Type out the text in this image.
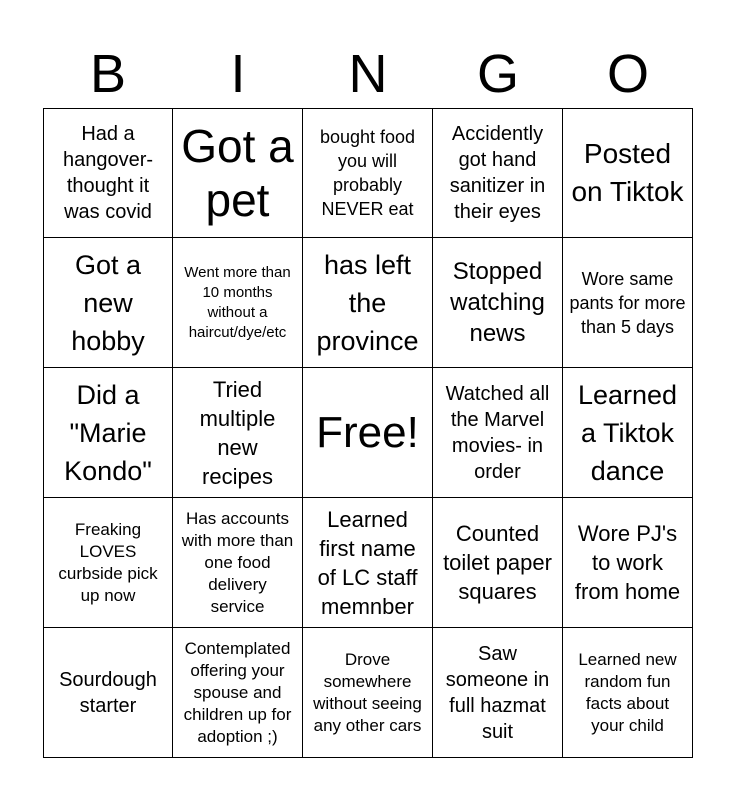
B	I	N	G	O
Had a hangover- thought it was covid
Got a pet
bought food you will probably NEVER eat
Accidently got hand sanitizer in their eyes
Posted on Tiktok
Got a new hobby
Went more than 10 months without a haircut/dye/etc
has left the province
Stopped watching news
Wore same pants for more than 5 days
Did a "Marie Kondo"
Tried multiple new recipes
Free!
Watched all the Marvel movies- in order
Learned a Tiktok dance
Freaking LOVES curbside pick up now
Has accounts with more than one food delivery service
Learned first name of LC staff memnber
Counted toilet paper squares
Wore PJ's to work from home
Sourdough starter
Contemplated offering your spouse and children up for adoption ;)
Drove somewhere without seeing any other cars
Saw someone in full hazmat suit
Learned new random fun facts about your child
